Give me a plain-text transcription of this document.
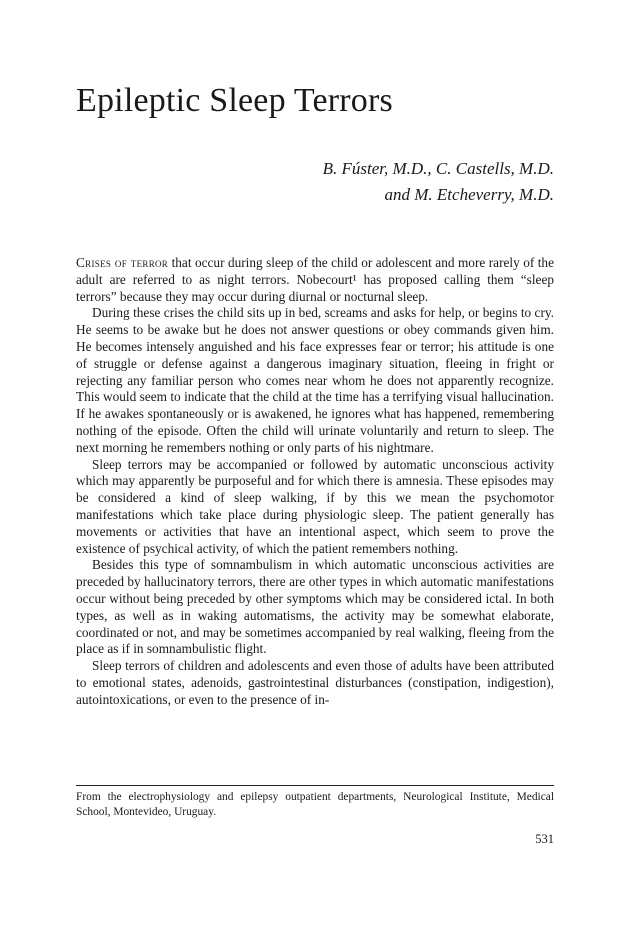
Epileptic Sleep Terrors
B. Fúster, M.D., C. Castells, M.D.
and M. Etcheverry, M.D.

Crises of terror that occur during sleep of the child or adolescent and more rarely of the adult are referred to as night terrors. Nobecourt¹ has proposed calling them “sleep terrors” because they may occur during diurnal or nocturnal sleep.

During these crises the child sits up in bed, screams and asks for help, or begins to cry. He seems to be awake but he does not answer questions or obey commands given him. He becomes intensely anguished and his face expresses fear or terror; his attitude is one of struggle or defense against a dangerous imaginary situation, fleeing in fright or rejecting any familiar person who comes near whom he does not apparently recognize. This would seem to indicate that the child at the time has a terrifying visual hallucination. If he awakes spontaneously or is awakened, he ignores what has happened, remembering nothing of the episode. Often the child will urinate voluntarily and return to sleep. The next morning he remembers nothing or only parts of his nightmare.

Sleep terrors may be accompanied or followed by automatic unconscious activity which may apparently be purposeful and for which there is amnesia. These episodes may be considered a kind of sleep walking, if by this we mean the psychomotor manifestations which take place during physiologic sleep. The patient generally has movements or activities that have an intentional aspect, which seem to prove the existence of psychical activity, of which the patient remembers nothing.

Besides this type of somnambulism in which automatic unconscious activities are preceded by hallucinatory terrors, there are other types in which automatic manifestations occur without being preceded by other symptoms which may be considered ictal. In both types, as well as in waking automatisms, the activity may be somewhat elaborate, coordinated or not, and may be sometimes accompanied by real walking, fleeing from the place as if in somnambulistic flight.

Sleep terrors of children and adolescents and even those of adults have been attributed to emotional states, adenoids, gastrointestinal disturbances (constipation, indigestion), autointoxications, or even to the presence of in-

From the electrophysiology and epilepsy outpatient departments, Neurological Institute, Medical School, Montevideo, Uruguay.
531
